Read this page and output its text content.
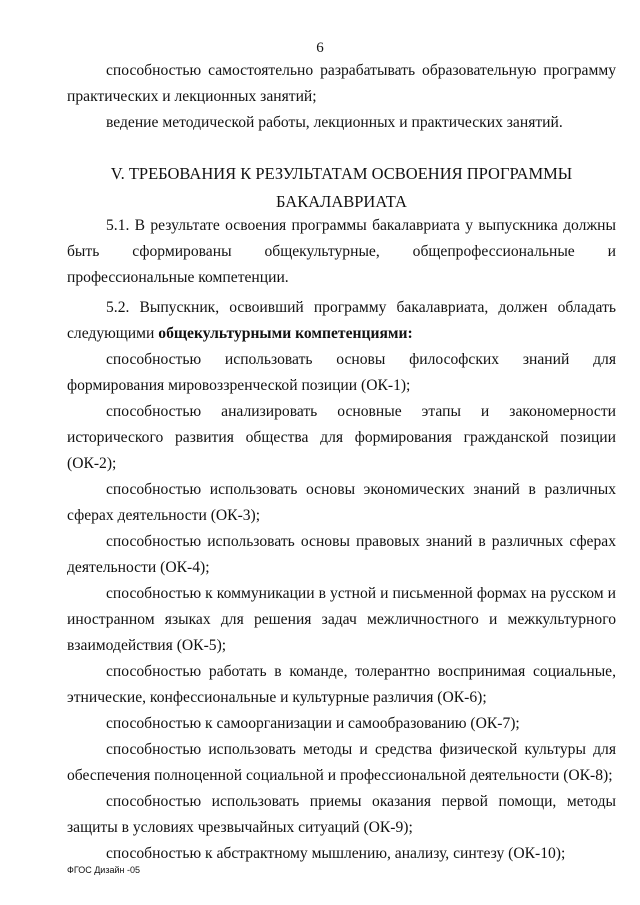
6

способностью самостоятельно разрабатывать образовательную программу практических и лекционных занятий;

ведение методической работы, лекционных и практических занятий.

V. ТРЕБОВАНИЯ К РЕЗУЛЬТАТАМ ОСВОЕНИЯ ПРОГРАММЫ

БАКАЛАВРИАТА

5.1. В результате освоения программы бакалавриата у выпускника должны быть сформированы общекультурные, общепрофессиональные и профессиональные компетенции.

5.2. Выпускник, освоивший программу бакалавриата, должен обладать следующими общекультурными компетенциями:

способностью использовать основы философских знаний для формирования мировоззренческой позиции (ОК-1);

способностью анализировать основные этапы и закономерности исторического развития общества для формирования гражданской позиции (ОК-2);

способностью использовать основы экономических знаний в различных сферах деятельности (ОК-3);

способностью использовать основы правовых знаний в различных сферах деятельности (ОК-4);

способностью к коммуникации в устной и письменной формах на русском и иностранном языках для решения задач межличностного и межкультурного взаимодействия (ОК-5);

способностью работать в команде, толерантно воспринимая социальные, этнические, конфессиональные и культурные различия (ОК-6);

способностью к самоорганизации и самообразованию (ОК-7);

способностью использовать методы и средства физической культуры для обеспечения полноценной социальной и профессиональной деятельности (ОК-8);

способностью использовать приемы оказания первой помощи, методы защиты в условиях чрезвычайных ситуаций (ОК-9);

способностью к абстрактному мышлению, анализу, синтезу (ОК-10);

ФГОС Дизайн -05
